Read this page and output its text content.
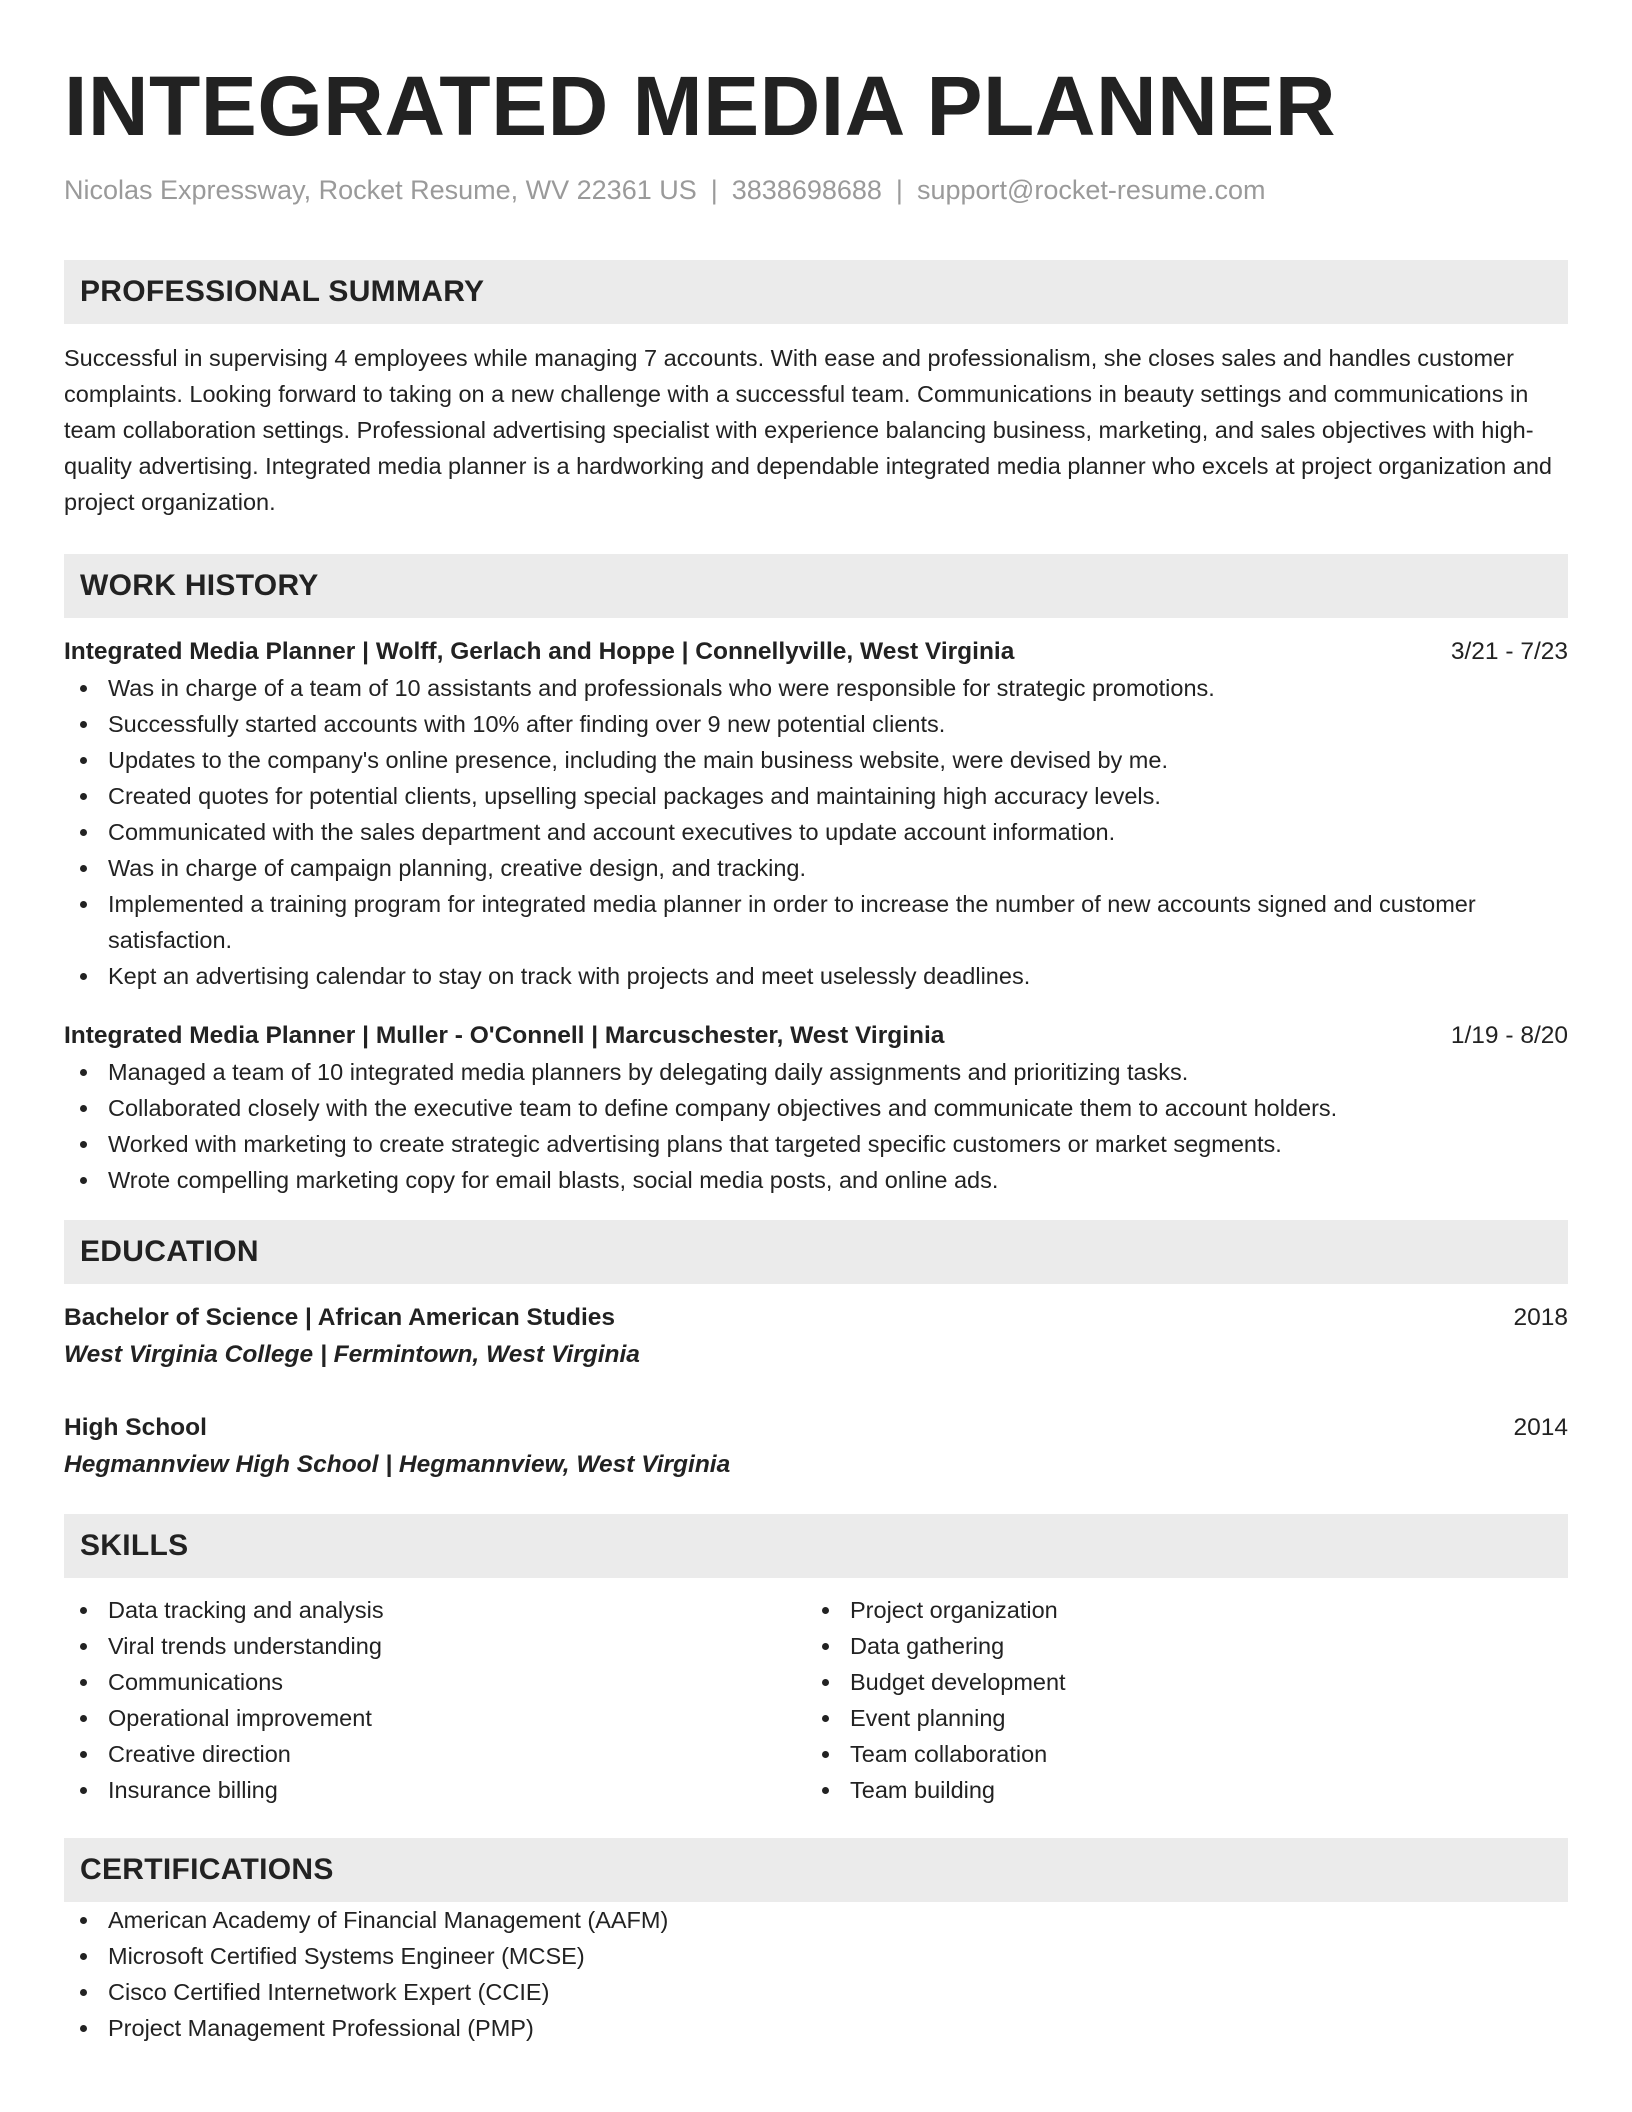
INTEGRATED MEDIA PLANNER
Nicolas Expressway, Rocket Resume, WV 22361 US | 3838698688 | support@rocket-resume.com
PROFESSIONAL SUMMARY
Successful in supervising 4 employees while managing 7 accounts. With ease and professionalism, she closes sales and handles customer complaints. Looking forward to taking on a new challenge with a successful team. Communications in beauty settings and communications in team collaboration settings. Professional advertising specialist with experience balancing business, marketing, and sales objectives with high-quality advertising. Integrated media planner is a hardworking and dependable integrated media planner who excels at project organization and project organization.
WORK HISTORY
Integrated Media Planner | Wolff, Gerlach and Hoppe | Connellyville, West Virginia	3/21 - 7/23
Was in charge of a team of 10 assistants and professionals who were responsible for strategic promotions.
Successfully started accounts with 10% after finding over 9 new potential clients.
Updates to the company's online presence, including the main business website, were devised by me.
Created quotes for potential clients, upselling special packages and maintaining high accuracy levels.
Communicated with the sales department and account executives to update account information.
Was in charge of campaign planning, creative design, and tracking.
Implemented a training program for integrated media planner in order to increase the number of new accounts signed and customer satisfaction.
Kept an advertising calendar to stay on track with projects and meet uselessly deadlines.
Integrated Media Planner | Muller - O'Connell | Marcuschester, West Virginia	1/19 - 8/20
Managed a team of 10 integrated media planners by delegating daily assignments and prioritizing tasks.
Collaborated closely with the executive team to define company objectives and communicate them to account holders.
Worked with marketing to create strategic advertising plans that targeted specific customers or market segments.
Wrote compelling marketing copy for email blasts, social media posts, and online ads.
EDUCATION
Bachelor of Science | African American Studies	2018
West Virginia College | Fermintown, West Virginia
High School	2014
Hegmannview High School | Hegmannview, West Virginia
SKILLS
Data tracking and analysis
Viral trends understanding
Communications
Operational improvement
Creative direction
Insurance billing
Project organization
Data gathering
Budget development
Event planning
Team collaboration
Team building
CERTIFICATIONS
American Academy of Financial Management (AAFM)
Microsoft Certified Systems Engineer (MCSE)
Cisco Certified Internetwork Expert (CCIE)
Project Management Professional (PMP)
